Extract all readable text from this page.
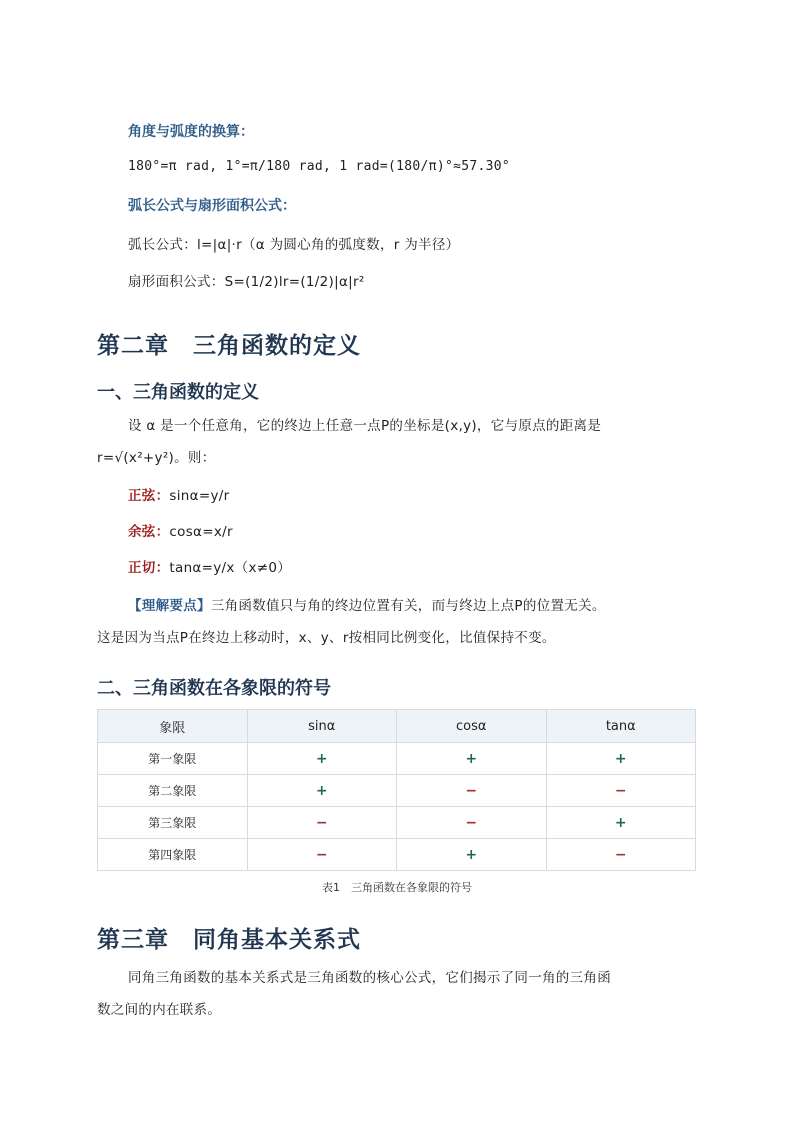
角度与弧度的换算：
180°=π rad, 1°=π/180 rad, 1 rad=(180/π)°≈57.30°
弧长公式与扇形面积公式：
弧长公式：l=|α|·r（α 为圆心角的弧度数，r 为半径）
扇形面积公式：S=(1/2)lr=(1/2)|α|r²
第二章　三角函数的定义
一、三角函数的定义
设 α 是一个任意角，它的终边上任意一点P的坐标是(x,y)，它与原点的距离是
r=√(x²+y²)。则：
正弦：sinα=y/r
余弦：cosα=x/r
正切：tanα=y/x（x≠0）
【理解要点】三角函数值只与角的终边位置有关，而与终边上点P的位置无关。
这是因为当点P在终边上移动时，x、y、r按相同比例变化，比值保持不变。
二、三角函数在各象限的符号
象限	sinα	cosα	tanα
第一象限	+	+	+
第二象限	+	−	−
第三象限	−	−	+
第四象限	−	+	−
表1　三角函数在各象限的符号
第三章　同角基本关系式
同角三角函数的基本关系式是三角函数的核心公式，它们揭示了同一角的三角函
数之间的内在联系。
